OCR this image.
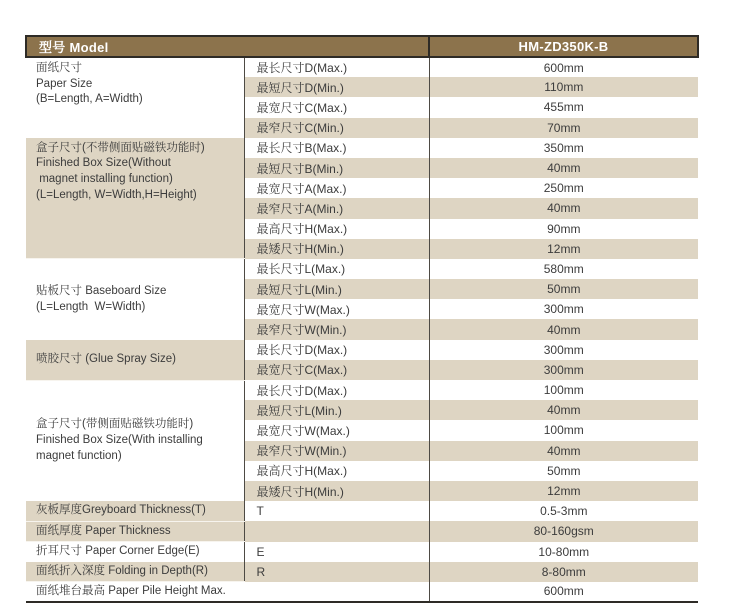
型号 Model		HM-ZD350K-B

面纸尺寸
Paper Size
(B=Length, A=Width)	最长尺寸D(Max.)	600mm
	最短尺寸D(Min.)	110mm
	最宽尺寸C(Max.)	455mm
	最窄尺寸C(Min.)	70mm

盒子尺寸(不带侧面贴磁铁功能时)
Finished Box Size(Without
magnet installing function)
(L=Length, W=Width,H=Height)	最长尺寸B(Max.)	350mm
	最短尺寸B(Min.)	40mm
	最宽尺寸A(Max.)	250mm
	最窄尺寸A(Min.)	40mm
	最高尺寸H(Max.)	90mm
	最矮尺寸H(Min.)	12mm

贴板尺寸 Baseboard Size
(L=Length  W=Width)	最长尺寸L(Max.)	580mm
	最短尺寸L(Min.)	50mm
	最宽尺寸W(Max.)	300mm
	最窄尺寸W(Min.)	40mm

喷胶尺寸 (Glue Spray Size)	最长尺寸D(Max.)	300mm
	最宽尺寸C(Max.)	300mm

盒子尺寸(带侧面贴磁铁功能时)
Finished Box Size(With installing
magnet function)	最长尺寸D(Max.)	100mm
	最短尺寸L(Min.)	40mm
	最宽尺寸W(Max.)	100mm
	最窄尺寸W(Min.)	40mm
	最高尺寸H(Max.)	50mm
	最矮尺寸H(Min.)	12mm

灰板厚度Greyboard Thickness(T)	T	0.5-3mm

面纸厚度 Paper Thickness		80-160gsm

折耳尺寸 Paper Corner Edge(E)	E	10-80mm

面纸折入深度 Folding in Depth(R)	R	8-80mm

面纸堆台最高 Paper Pile Height Max.		600mm
